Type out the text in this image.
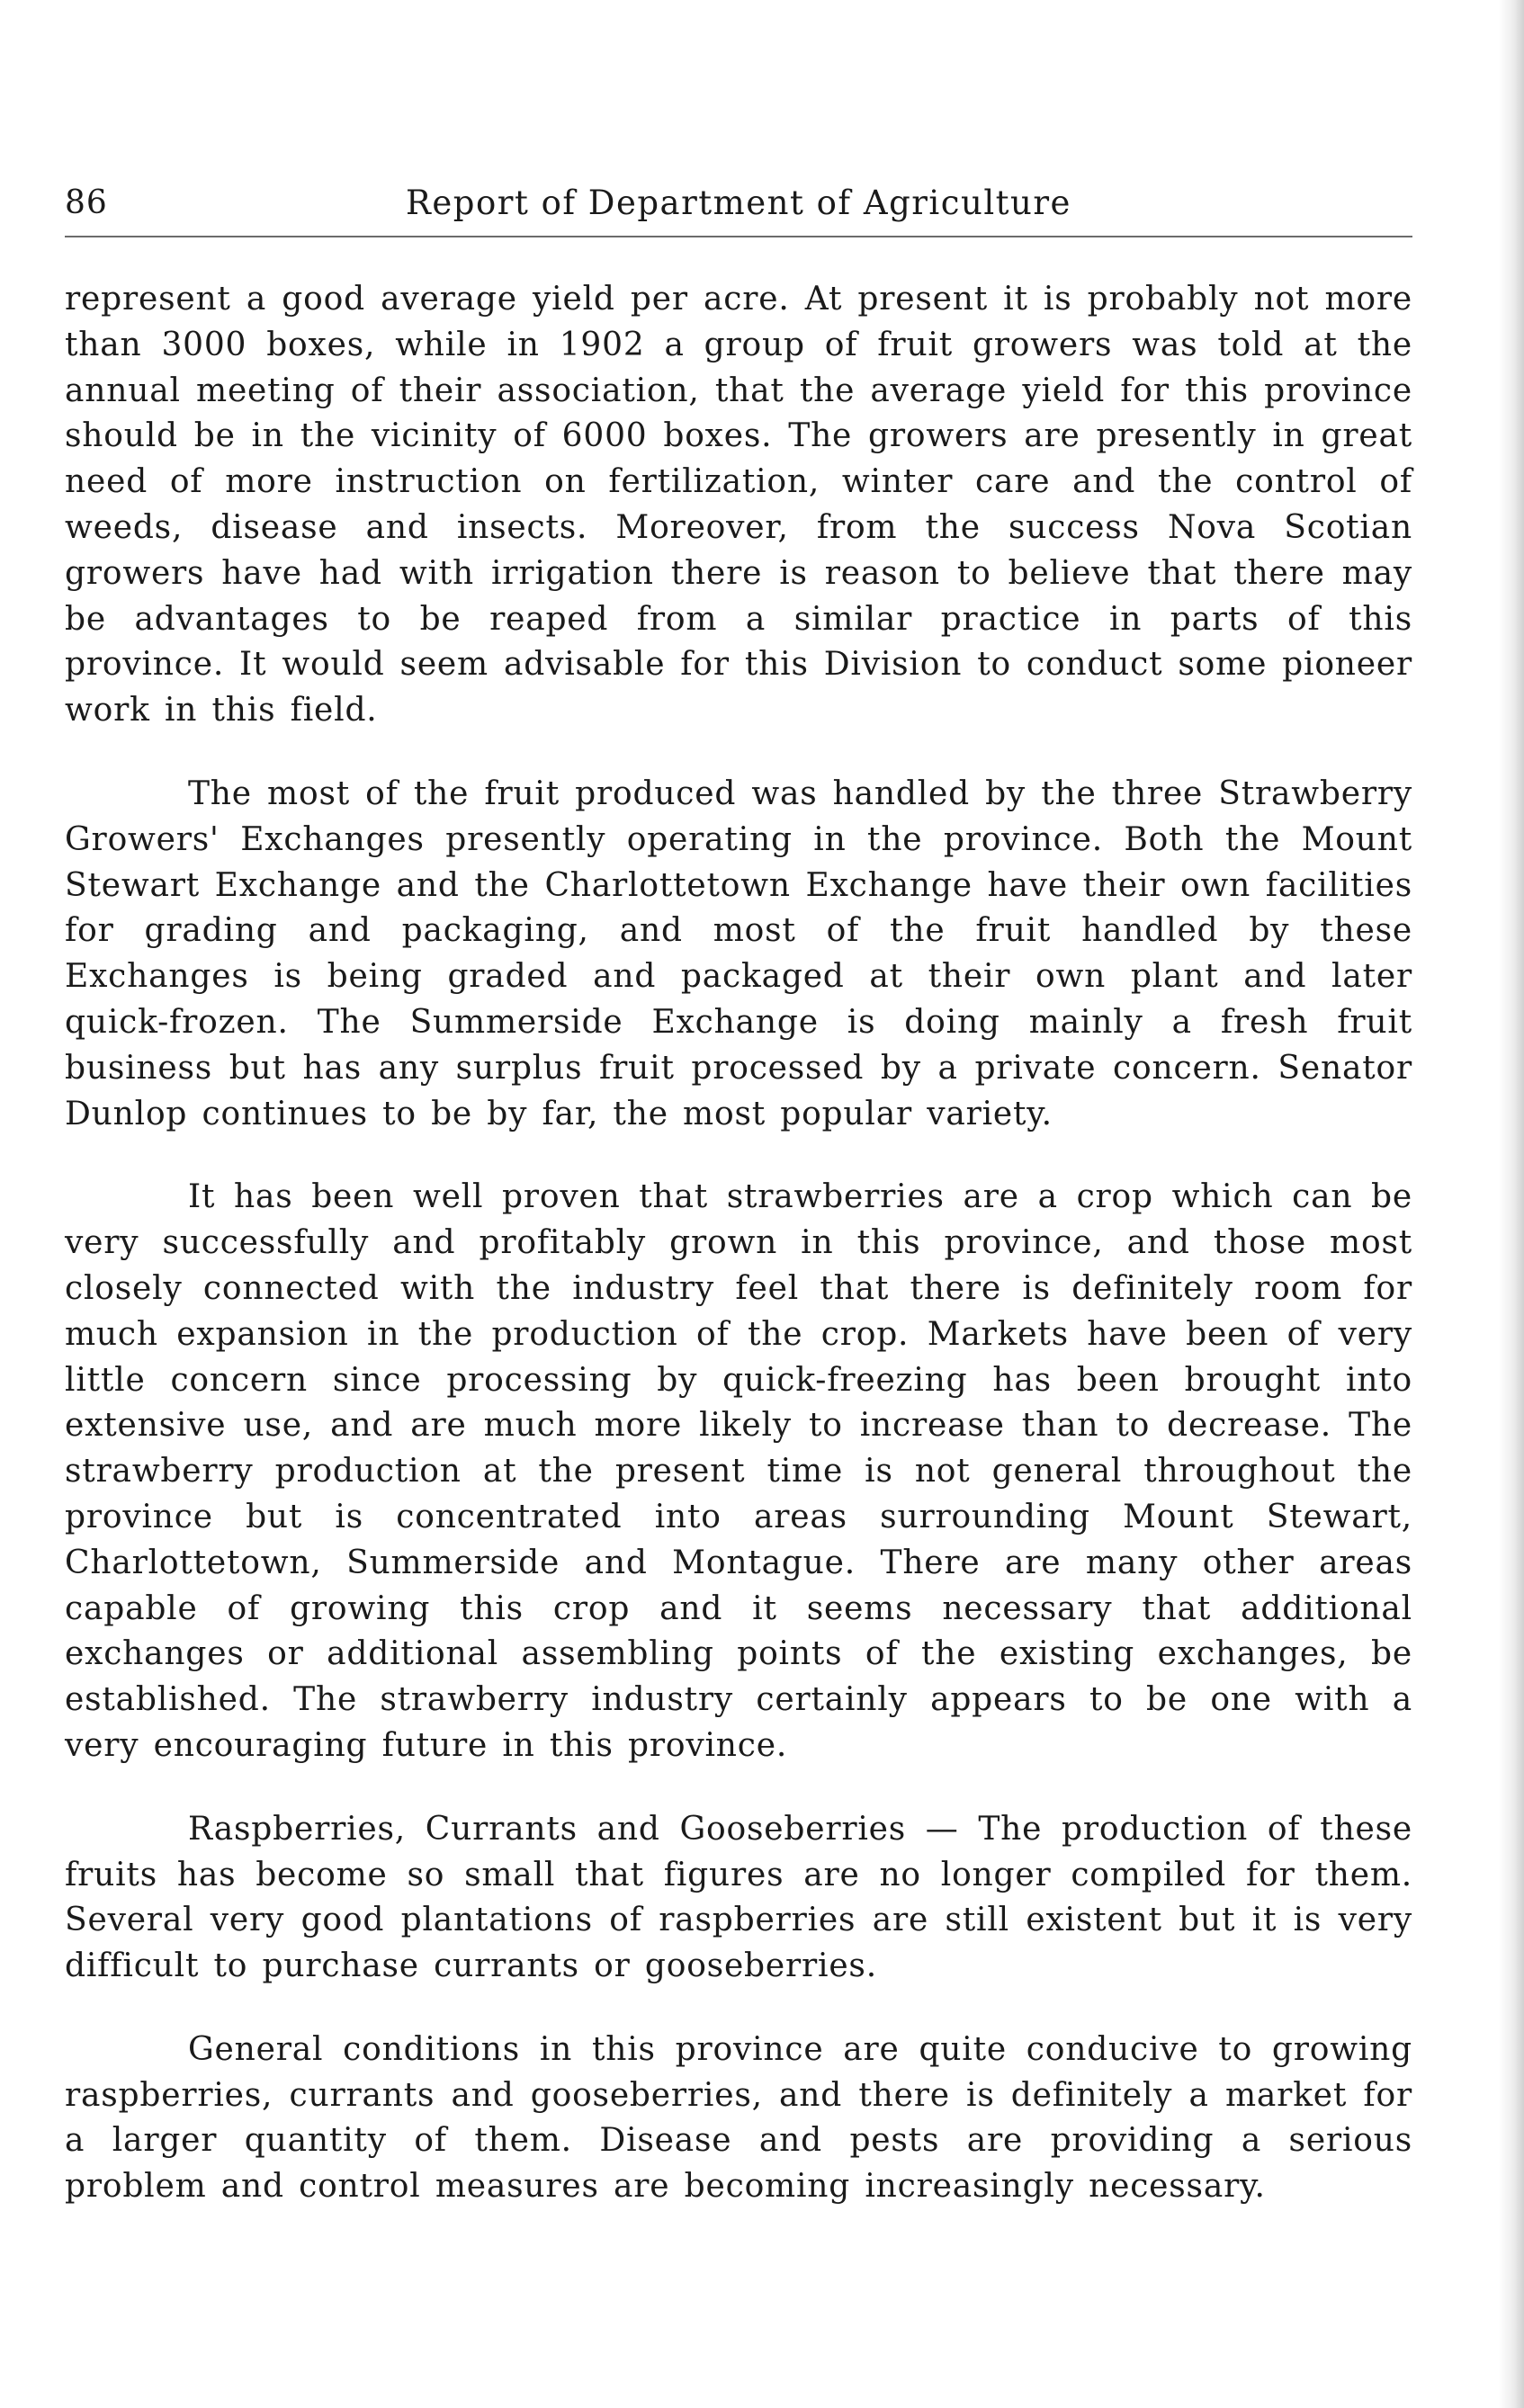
86	Report of Department of Agriculture

represent a good average yield per acre. At present it is probably not more than 3000 boxes, while in 1902 a group of fruit growers was told at the annual meeting of their association, that the average yield for this province should be in the vicinity of 6000 boxes. The growers are presently in great need of more instruction on fertilization, winter care and the control of weeds, disease and insects. Moreover, from the success Nova Scotian growers have had with irrigation there is reason to believe that there may be advantages to be reaped from a similar practice in parts of this province. It would seem advisable for this Division to conduct some pioneer work in this field.

The most of the fruit produced was handled by the three Strawberry Growers' Exchanges presently operating in the province. Both the Mount Stewart Exchange and the Charlottetown Exchange have their own facilities for grading and packaging, and most of the fruit handled by these Exchanges is being graded and packaged at their own plant and later quick-frozen. The Summerside Exchange is doing mainly a fresh fruit business but has any surplus fruit processed by a private concern. Senator Dunlop continues to be by far, the most popular variety.

It has been well proven that strawberries are a crop which can be very successfully and profitably grown in this province, and those most closely connected with the industry feel that there is definitely room for much expansion in the production of the crop. Markets have been of very little concern since processing by quick-freezing has been brought into extensive use, and are much more likely to increase than to decrease. The strawberry production at the present time is not general throughout the province but is concentrated into areas surrounding Mount Stewart, Charlottetown, Summerside and Montague. There are many other areas capable of growing this crop and it seems necessary that additional exchanges or additional assembling points of the existing exchanges, be established. The strawberry industry certainly appears to be one with a very encouraging future in this province.

Raspberries, Currants and Gooseberries — The production of these fruits has become so small that figures are no longer compiled for them. Several very good plantations of raspberries are still existent but it is very difficult to purchase currants or gooseberries.

General conditions in this province are quite conducive to growing raspberries, currants and gooseberries, and there is definitely a market for a larger quantity of them. Disease and pests are providing a serious problem and control measures are becoming increasingly necessary.
